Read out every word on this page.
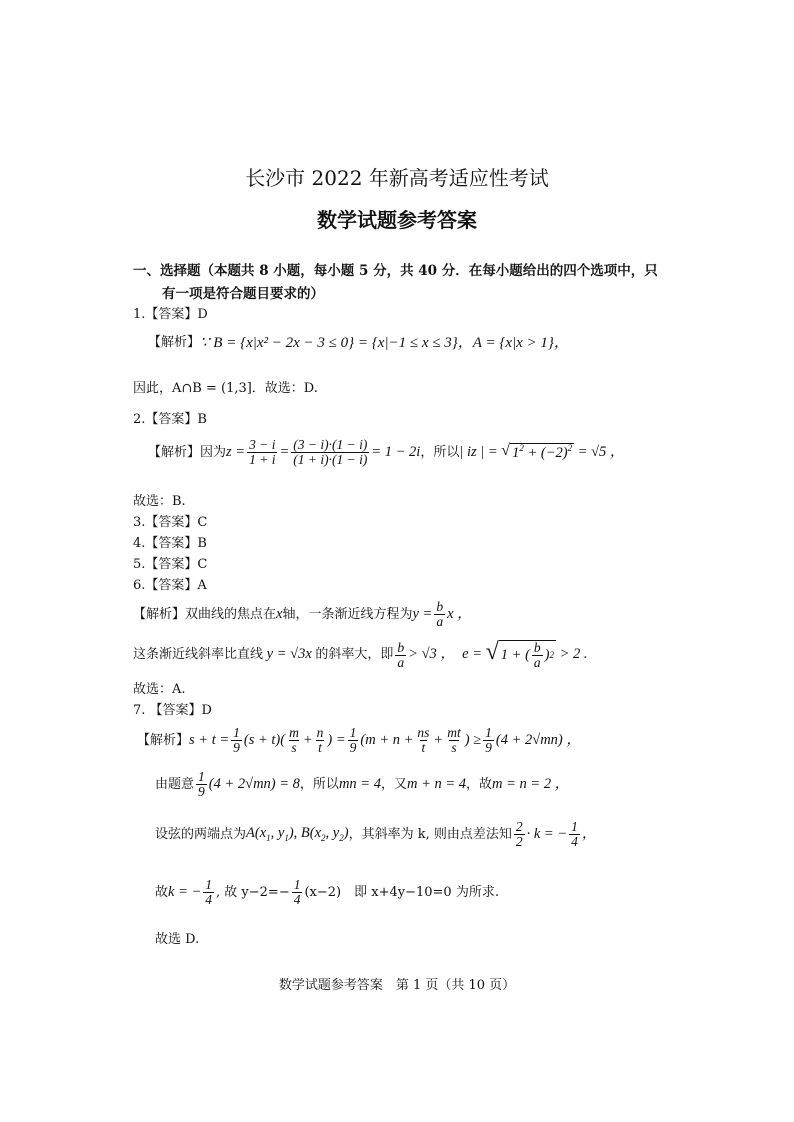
长沙市 2022 年新高考适应性考试
数学试题参考答案
一、选择题（本题共 8 小题，每小题 5 分，共 40 分．在每小题给出的四个选项中，只
有一项是符合题目要求的）
1.【答案】D
【解析】 ∵ B = {x|x² − 2x − 3 ≤ 0} = {x|−1 ≤ x ≤ 3}，A = {x|x > 1}，
因此，A∩B = (1,3]．故选：D.
2.【答案】B
【解析】 因为 $z = \frac{3 - i}{1 + i} = \frac{(3 - i)\cdot(1 - i)}{(1 + i)\cdot(1 - i)} = 1 - 2i$ ，所以 | iz | = √ $1^2 + (-2)^2 = √5$ ，
故选：B.
3.【答案】C
4.【答案】B
5.【答案】C
6.【答案】A
【解析】 双曲线的焦点在 x 轴，一条渐近线方程为 $y = \frac{b}{a}$ x ，
这条渐近线斜率比直线 y = √3x 的斜率大，即 $\frac{b}{a} > √3$ ，  e = √ 1 + ( $\frac{b}{a}$ ) 2 > 2 .
故选：A.
7. 【答案】D
【解析】 $s + t = \frac{1}{9} (s + t)( \frac{m}{s} + \frac{n}{t}$ ) = $\frac{1}{9} (m + n + \frac{ns}{t} + \frac{mt}{s}$ ) ≥ $\frac{1}{9} (4 + 2√mn)$ ，
由题意 $\frac{1}{9} (4 + 2√mn) = 8$ ，所以 mn = 4 ，又 m + n = 4 ，故 m = n = 2 ，
设弦的两端点为 $A(x_1$, $y_1$), $B(x_2$, $y_2$) ，其斜率为 k, 则由点差法知 $\frac{2}{2} \cdot k$ = − $\frac{1}{4}$ ，
故 k = − $\frac{1}{4}$ , 故 $y-2=- \frac{1}{4} (x-2)$　即 x+4y−10=0 为所求.
故选 D.
数学试题参考答案　第 1 页（共 10 页）
